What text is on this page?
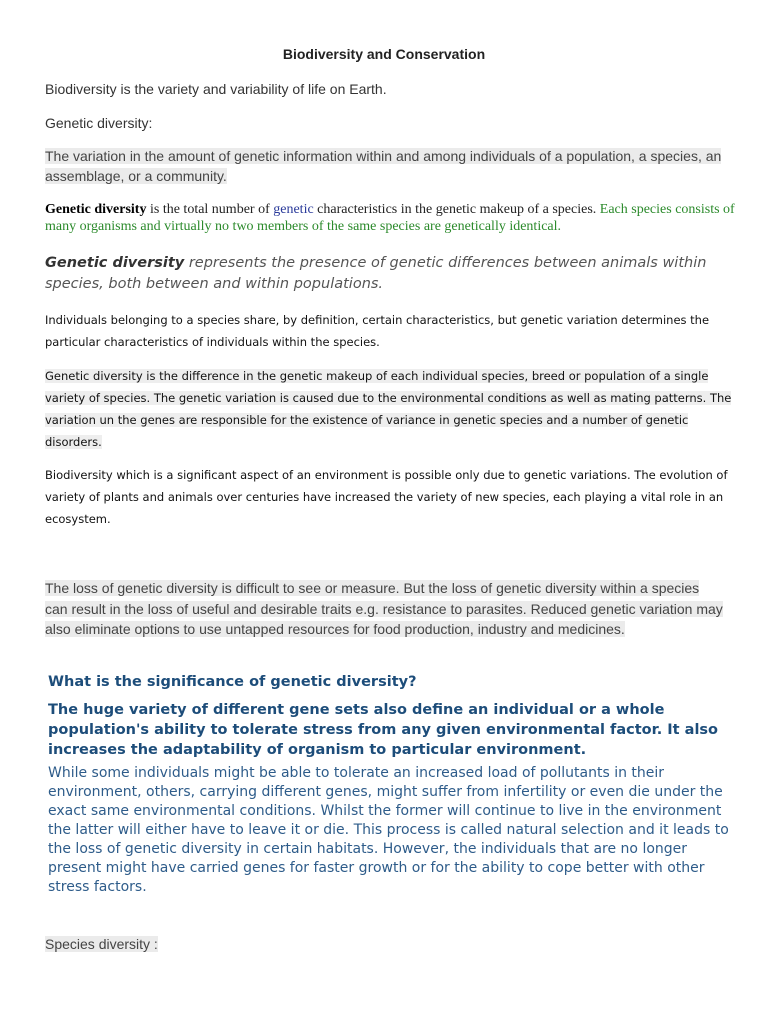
Biodiversity and Conservation
Biodiversity is the variety and variability of life on Earth.
Genetic diversity:
The variation in the amount of genetic information within and among individuals of a population, a species, an assemblage, or a community.
Genetic diversity is the total number of genetic characteristics in the genetic makeup of a species. Each species consists of many organisms and virtually no two members of the same species are genetically identical.
Genetic diversity represents the presence of genetic differences between animals within species, both between and within populations.
Individuals belonging to a species share, by definition, certain characteristics, but genetic variation determines the particular characteristics of individuals within the species.
Genetic diversity is the difference in the genetic makeup of each individual species, breed or population of a single variety of species. The genetic variation is caused due to the environmental conditions as well as mating patterns. The variation un the genes are responsible for the existence of variance in genetic species and a number of genetic disorders.
Biodiversity which is a significant aspect of an environment is possible only due to genetic variations. The evolution of variety of plants and animals over centuries have increased the variety of new species, each playing a vital role in an ecosystem.
The loss of genetic diversity is difficult to see or measure. But the loss of genetic diversity within a species can result in the loss of useful and desirable traits e.g. resistance to parasites. Reduced genetic variation may also eliminate options to use untapped resources for food production, industry and medicines.
What is the significance of genetic diversity?
The huge variety of different gene sets also define an individual or a whole population's ability to tolerate stress from any given environmental factor. It also increases the adaptability of organism to particular environment.
While some individuals might be able to tolerate an increased load of pollutants in their environment, others, carrying different genes, might suffer from infertility or even die under the exact same environmental conditions. Whilst the former will continue to live in the environment the latter will either have to leave it or die. This process is called natural selection and it leads to the loss of genetic diversity in certain habitats. However, the individuals that are no longer present might have carried genes for faster growth or for the ability to cope better with other stress factors.
Species diversity :
